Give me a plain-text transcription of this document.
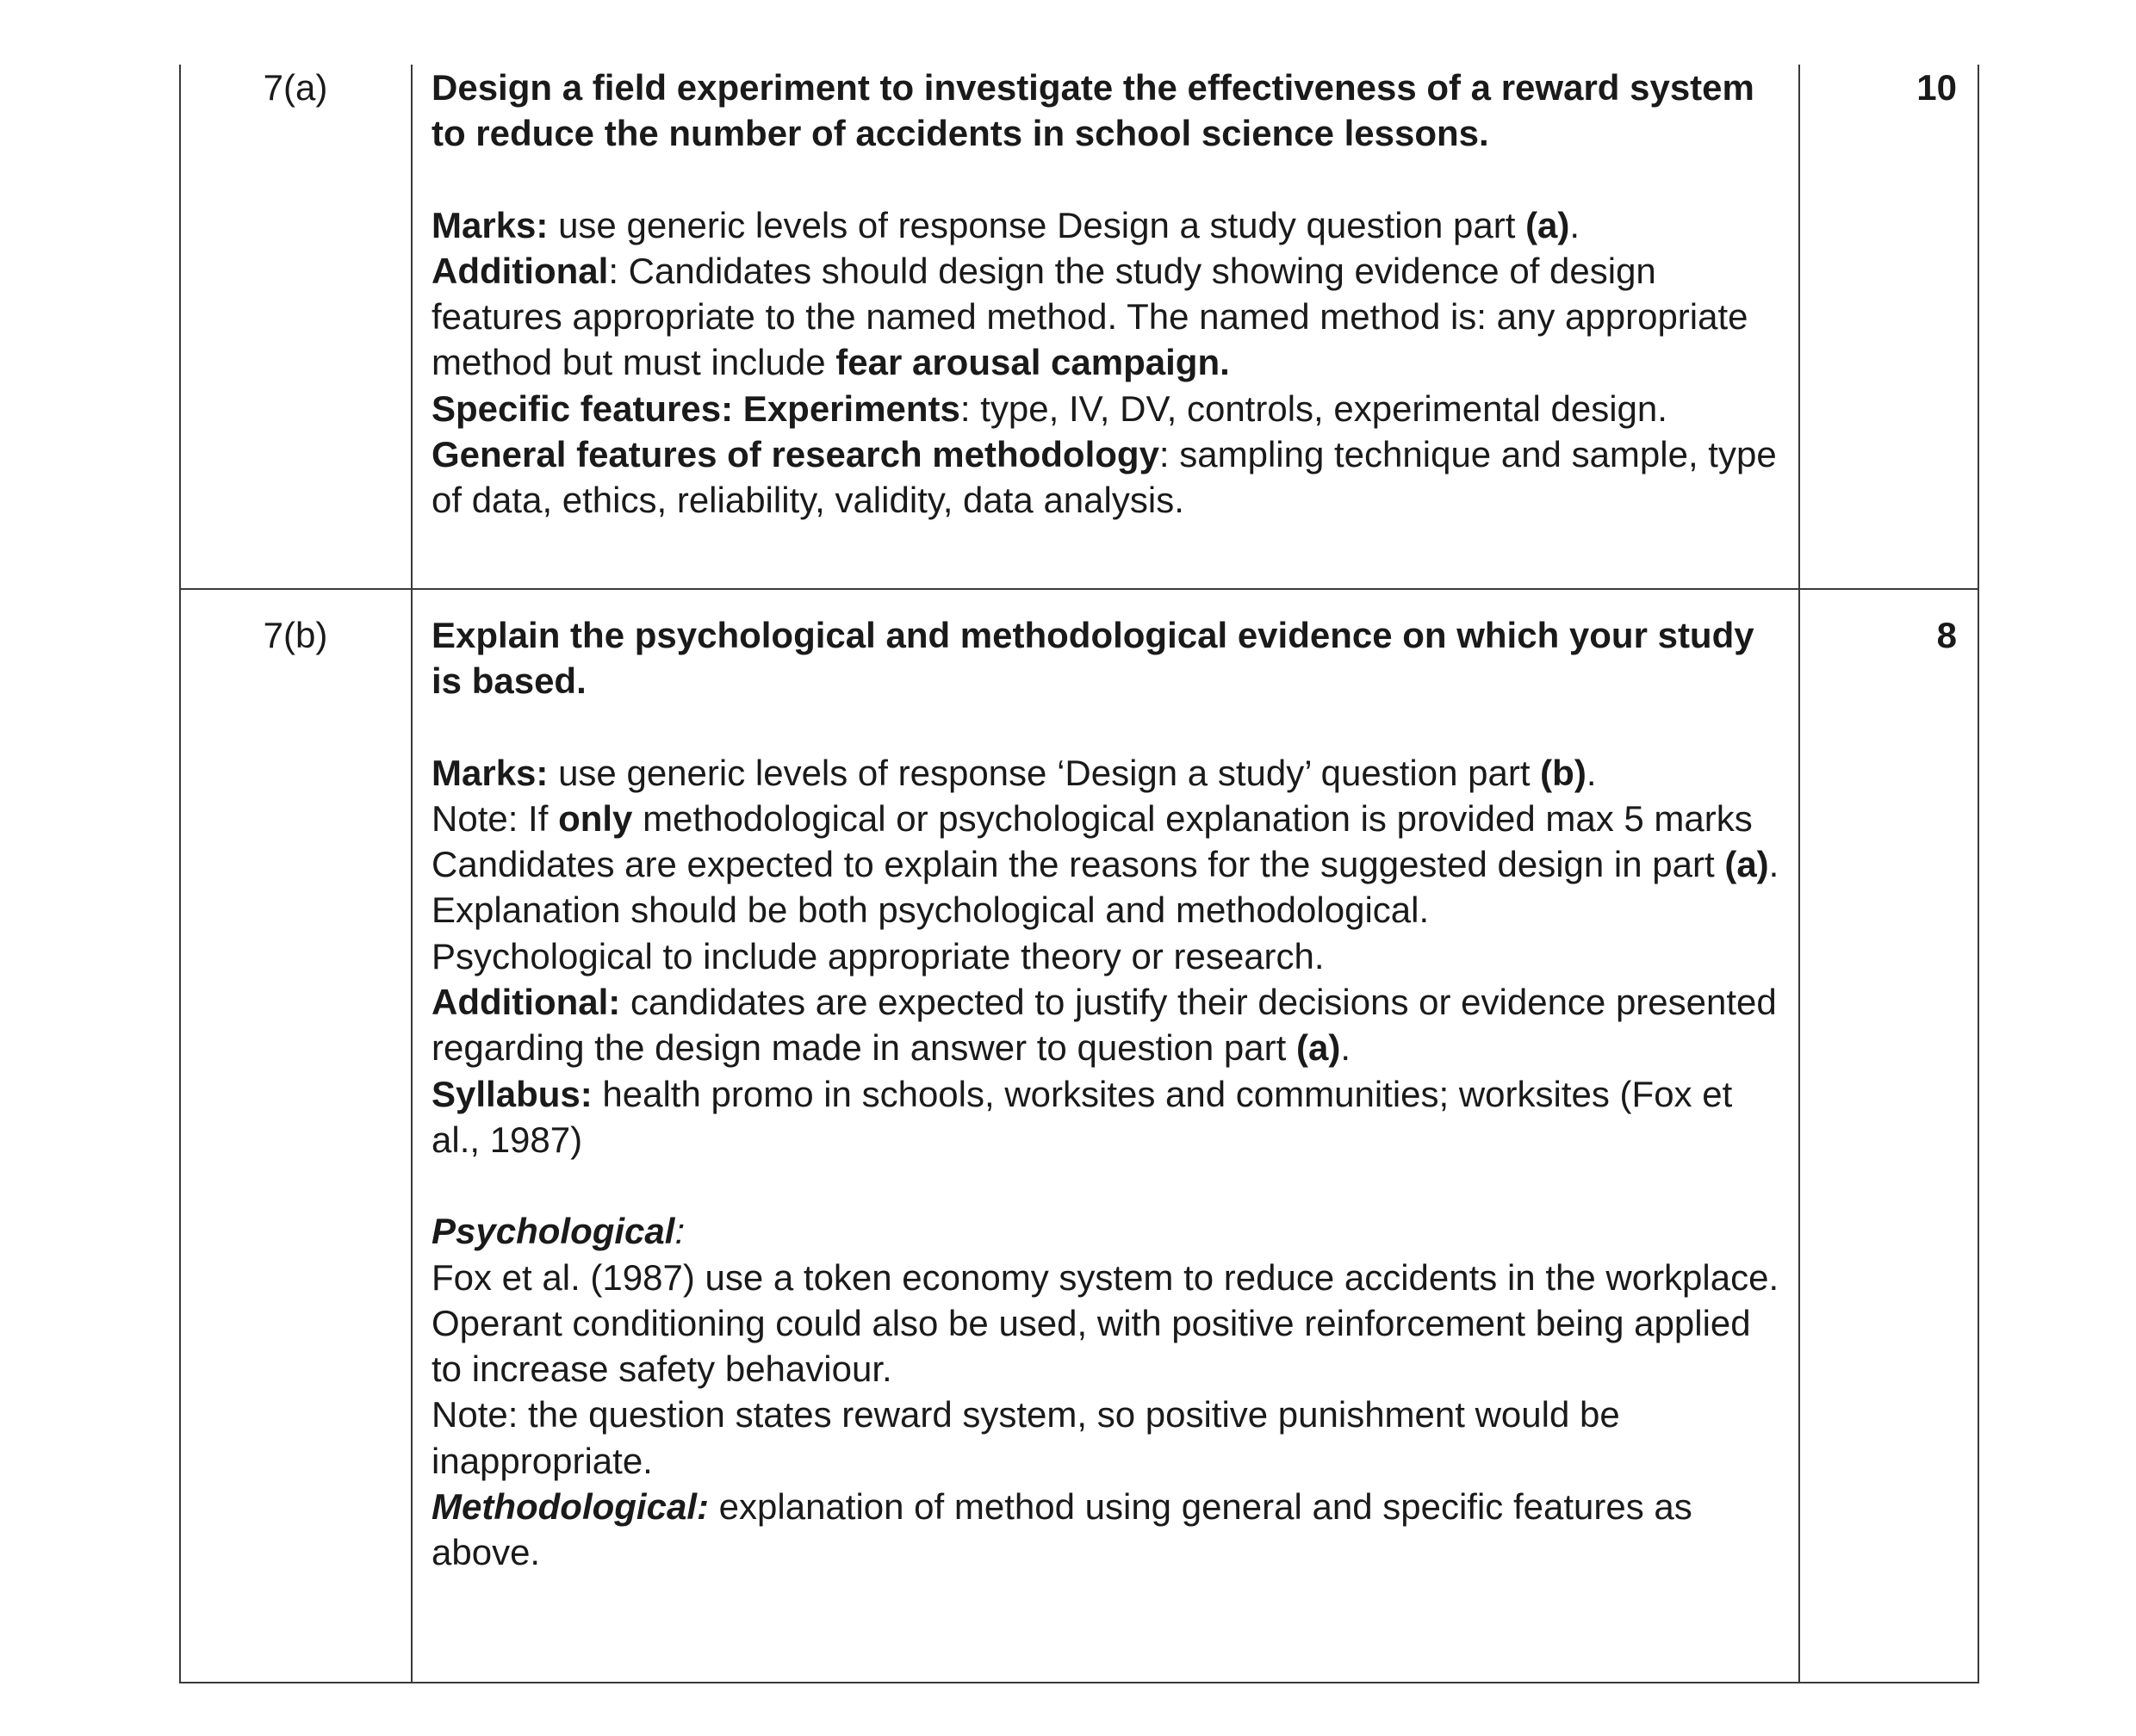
7(a)	10

Design a field experiment to investigate the effectiveness of a reward system to reduce the number of accidents in school science lessons.

Marks: use generic levels of response Design a study question part (a).

Additional: Candidates should design the study showing evidence of design features appropriate to the named method. The named method is: any appropriate method but must include fear arousal campaign.

Specific features: Experiments: type, IV, DV, controls, experimental design.

General features of research methodology: sampling technique and sample, type of data, ethics, reliability, validity, data analysis.

7(b)	8

Explain the psychological and methodological evidence on which your study is based.

Marks: use generic levels of response ‘Design a study’ question part (b).

Note: If only methodological or psychological explanation is provided max 5 marks

Candidates are expected to explain the reasons for the suggested design in part (a). Explanation should be both psychological and methodological.

Psychological to include appropriate theory or research.

Additional: candidates are expected to justify their decisions or evidence presented regarding the design made in answer to question part (a).

Syllabus: health promo in schools, worksites and communities; worksites (Fox et al., 1987)

Psychological:

Fox et al. (1987) use a token economy system to reduce accidents in the workplace.

Operant conditioning could also be used, with positive reinforcement being applied to increase safety behaviour.

Note: the question states reward system, so positive punishment would be inappropriate.

Methodological: explanation of method using general and specific features as above.
